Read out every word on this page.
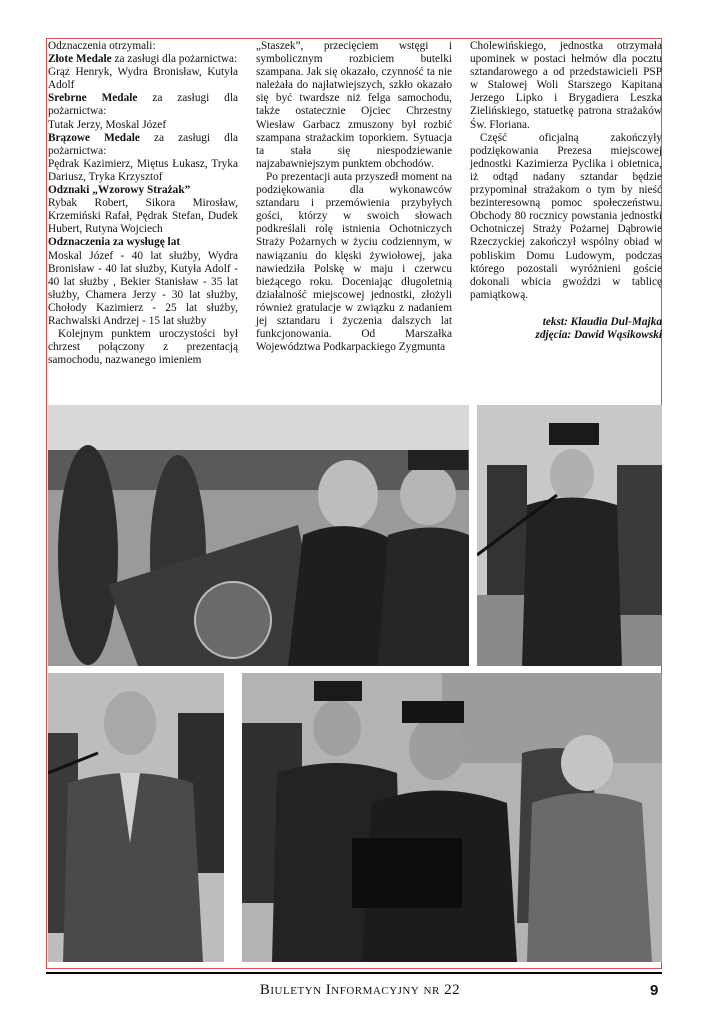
Odznaczenia otrzymali:

Złote Medale za zasługi dla pożarnictwa:

Grąz Henryk, Wydra Bronisław, Kutyła Adolf

Srebrne Medale za zasługi dla pożarnictwa:

Tutak Jerzy, Moskal Józef

Brązowe Medale za zasługi dla pożarnictwa:

Pędrak Kazimierz, Miętus Łukasz, Tryka Dariusz, Tryka Krzysztof

Odznaki „Wzorowy Strażak”

Rybak Robert, Sikora Mirosław, Krzemiński Rafał, Pędrak Stefan, Dudek Hubert, Rutyna Wojciech

Odznaczenia za wysługę lat

Moskal Józef - 40 lat służby, Wydra Bronisław - 40 lat służby, Kutyła Adolf - 40 lat służby , Bekier Stanisław - 35 lat służby, Chamera Jerzy - 30 lat służby, Chołody Kazimierz - 25 lat służby, Rachwalski Andrzej - 15 lat służby

Kolejnym punktem uroczystości był chrzest połączony z prezentacją samochodu, nazwanego imieniem

„Staszek”, przecięciem wstęgi i symbolicznym rozbiciem butelki szampana. Jak się okazało, czynność ta nie należała do najłatwiejszych, szkło okazało się być twardsze niż felga samochodu, także ostatecznie Ojciec Chrzestny Wiesław Garbacz zmuszony był rozbić szampana strażackim toporkiem. Sytuacja ta stała się niespodziewanie najzabawniejszym punktem obchodów.

Po prezentacji auta przyszedł moment na podziękowania dla wykonawców sztandaru i przemówienia przybyłych gości, którzy w swoich słowach podkreślali rolę istnienia Ochotniczych Straży Pożarnych w życiu codziennym, w nawiązaniu do klęski żywiołowej, jaka nawiedziła Polskę w maju i czerwcu bieżącego roku. Doceniając długoletnią działalność miejscowej jednostki, złożyli również gratulacje w związku z nadaniem jej sztandaru i życzenia dalszych lat funkcjonowania. Od Marszałka Województwa Podkarpackiego Zygmunta

Cholewińskiego, jednostka otrzymała upominek w postaci hełmów dla pocztu sztandarowego a od przedstawicieli PSP w Stalowej Woli Starszego Kapitana Jerzego Lipko i Brygadiera Leszka Zielińskiego, statuetkę patrona strażaków Św. Floriana.

Część oficjalną zakończyły podziękowania Prezesa miejscowej jednostki Kazimierza Pyclika i obietnica, iż odtąd nadany sztandar będzie przypominał strażakom o tym by nieść bezinteresowną pomoc społeczeństwu. Obchody 80 rocznicy powstania jednostki Ochotniczej Straży Pożarnej Dąbrowie Rzeczyckiej zakończył wspólny obiad w pobliskim Domu Ludowym, podczas którego pozostali wyróżnieni goście dokonali wbicia gwoździ w tablicę pamiątkową.

tekst: Klaudia Dul-Majka

zdjęcia: Dawid Wąsikowski

Biuletyn Informacyjny nr 22	9
